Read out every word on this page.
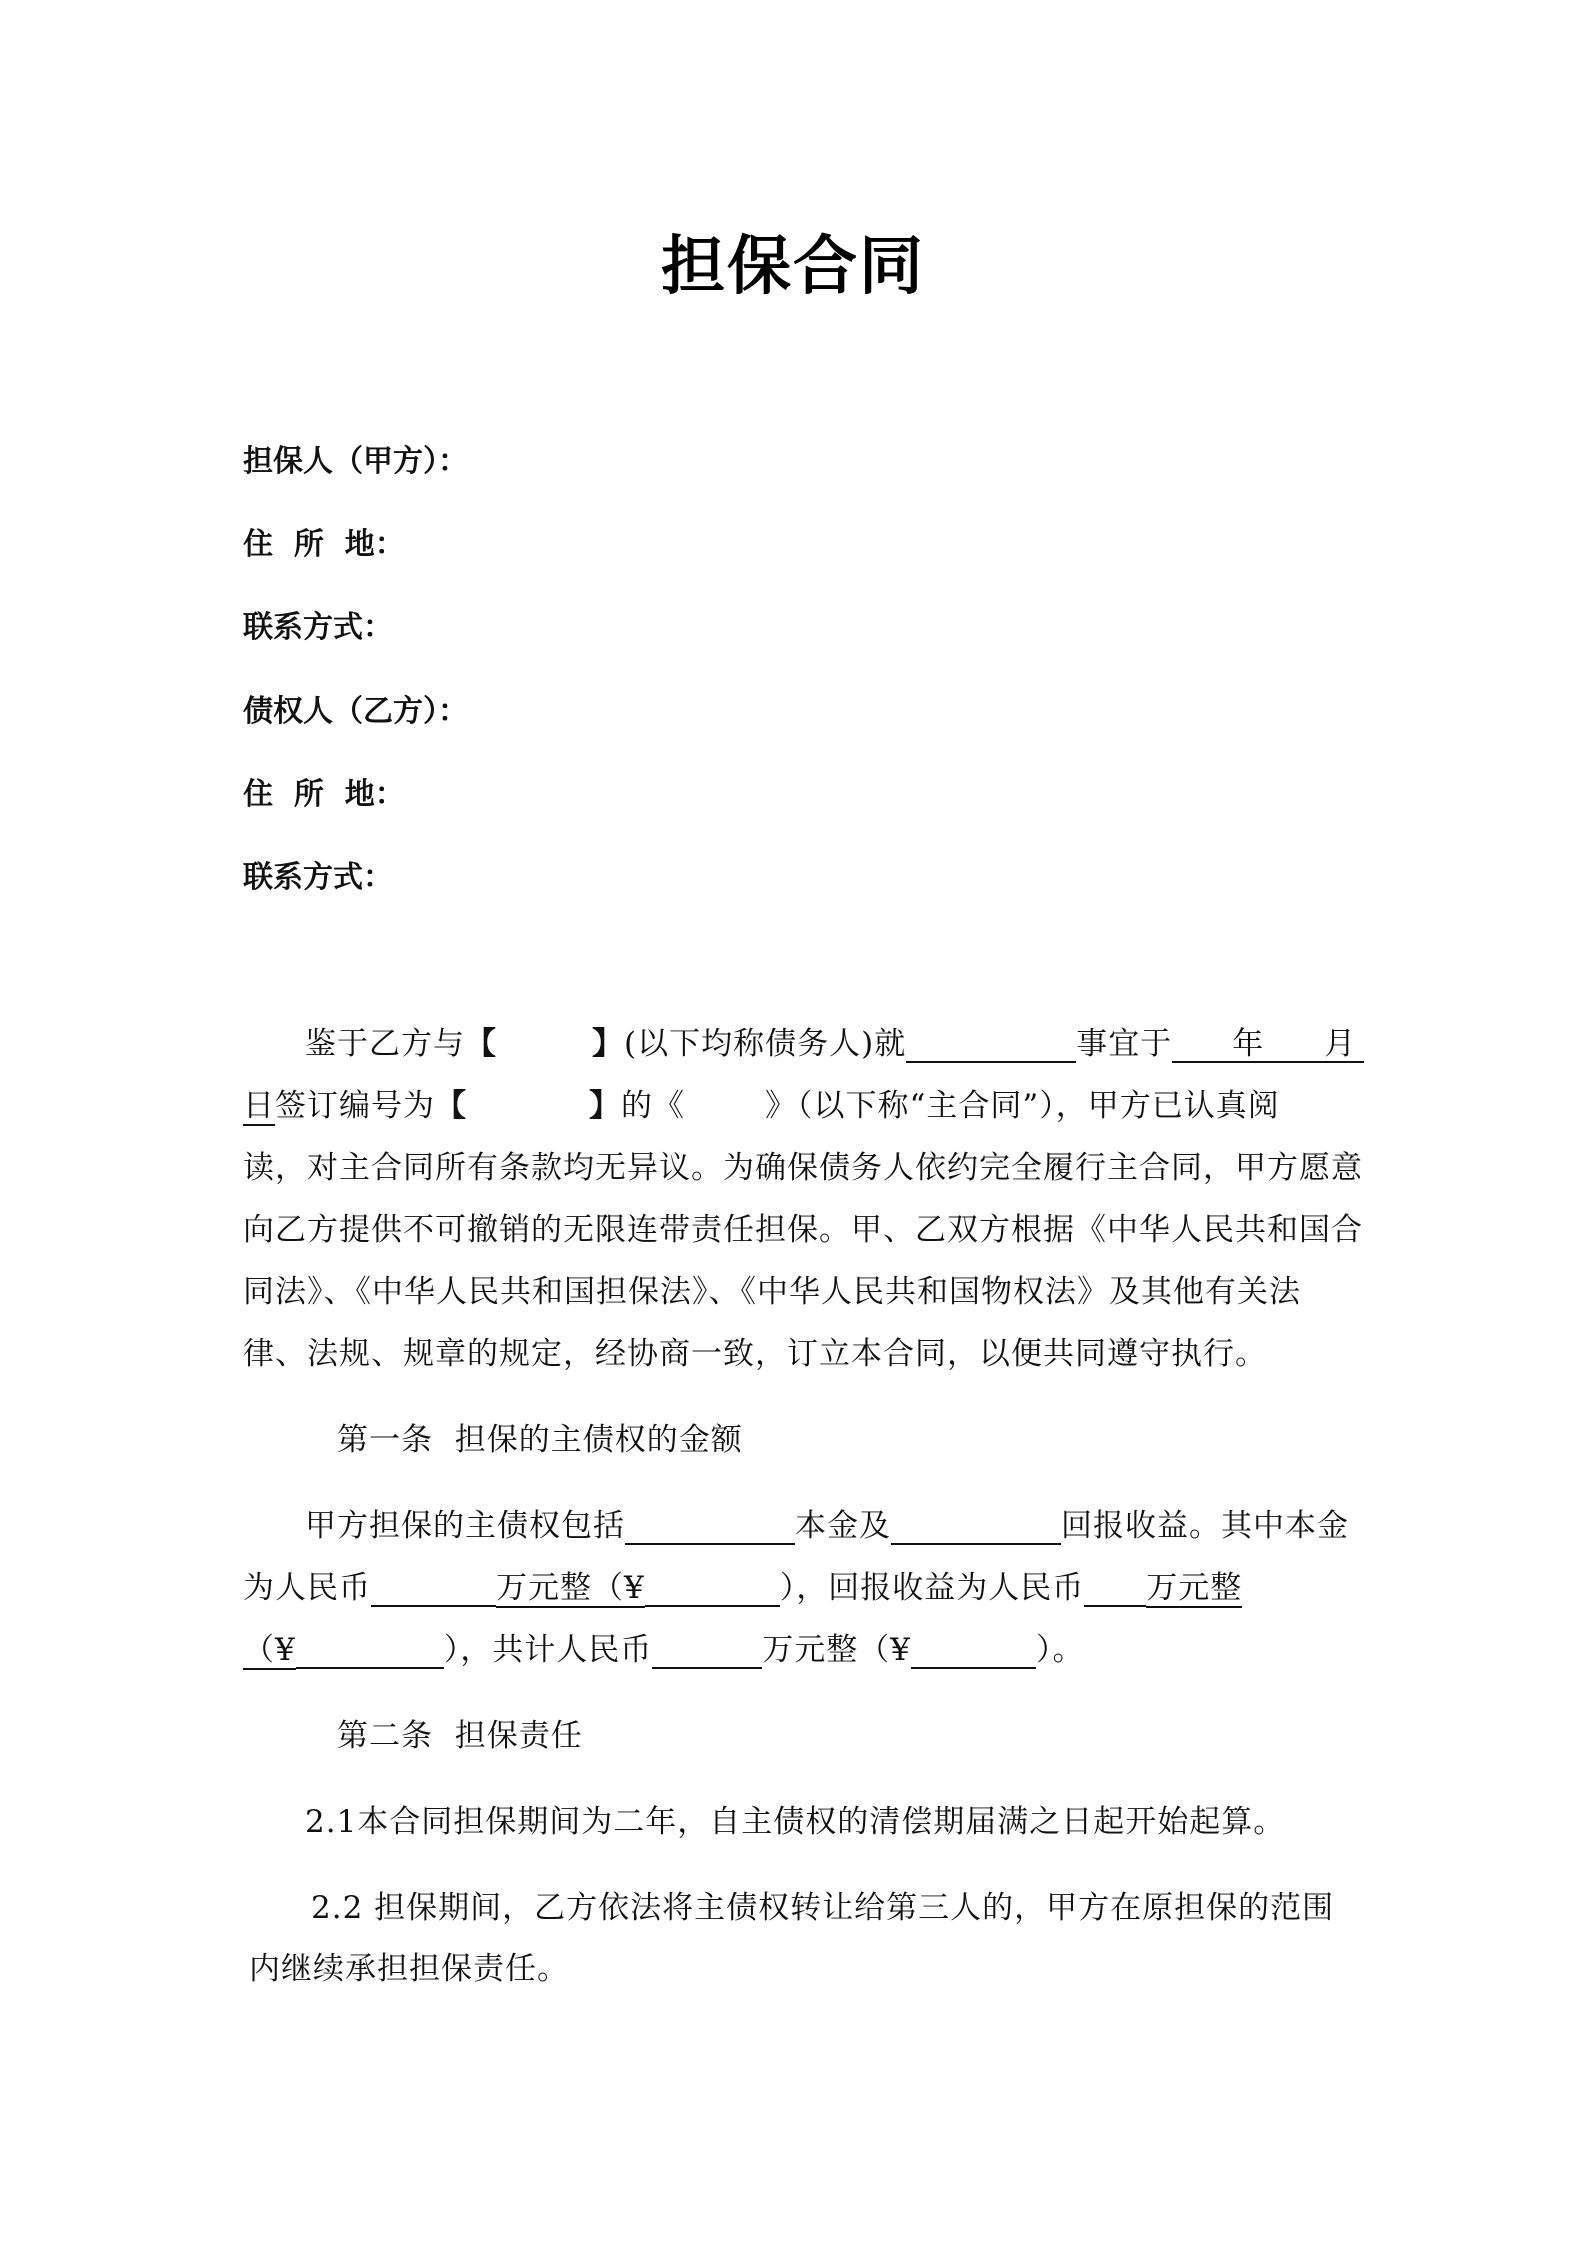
担保合同
担保人（甲方）：
住  所  地：
联系方式：
债权人（乙方）：
住  所  地：
联系方式：
鉴于乙方与【	】(以下均称债务人)就	事宜于 年 月
日签订编号为【	】的《	》（以下称“主合同”），甲方已认真阅
读，对主合同所有条款均无异议。为确保债务人依约完全履行主合同，甲方愿意
向乙方提供不可撤销的无限连带责任担保。甲、乙双方根据《中华人民共和国合
同法》、《中华人民共和国担保法》、《中华人民共和国物权法》及其他有关法
律、法规、规章的规定，经协商一致，订立本合同，以便共同遵守执行。
第一条  担保的主债权的金额
甲方担保的主债权包括	本金及	回报收益。其中本金
为人民币	万元整（¥	），回报收益为人民币 万元整
（¥	），共计人民币	万元整（¥	）。
第二条  担保责任
2.1本合同担保期间为二年，自主债权的清偿期届满之日起开始起算。
2.2 担保期间，乙方依法将主债权转让给第三人的，甲方在原担保的范围
内继续承担担保责任。
